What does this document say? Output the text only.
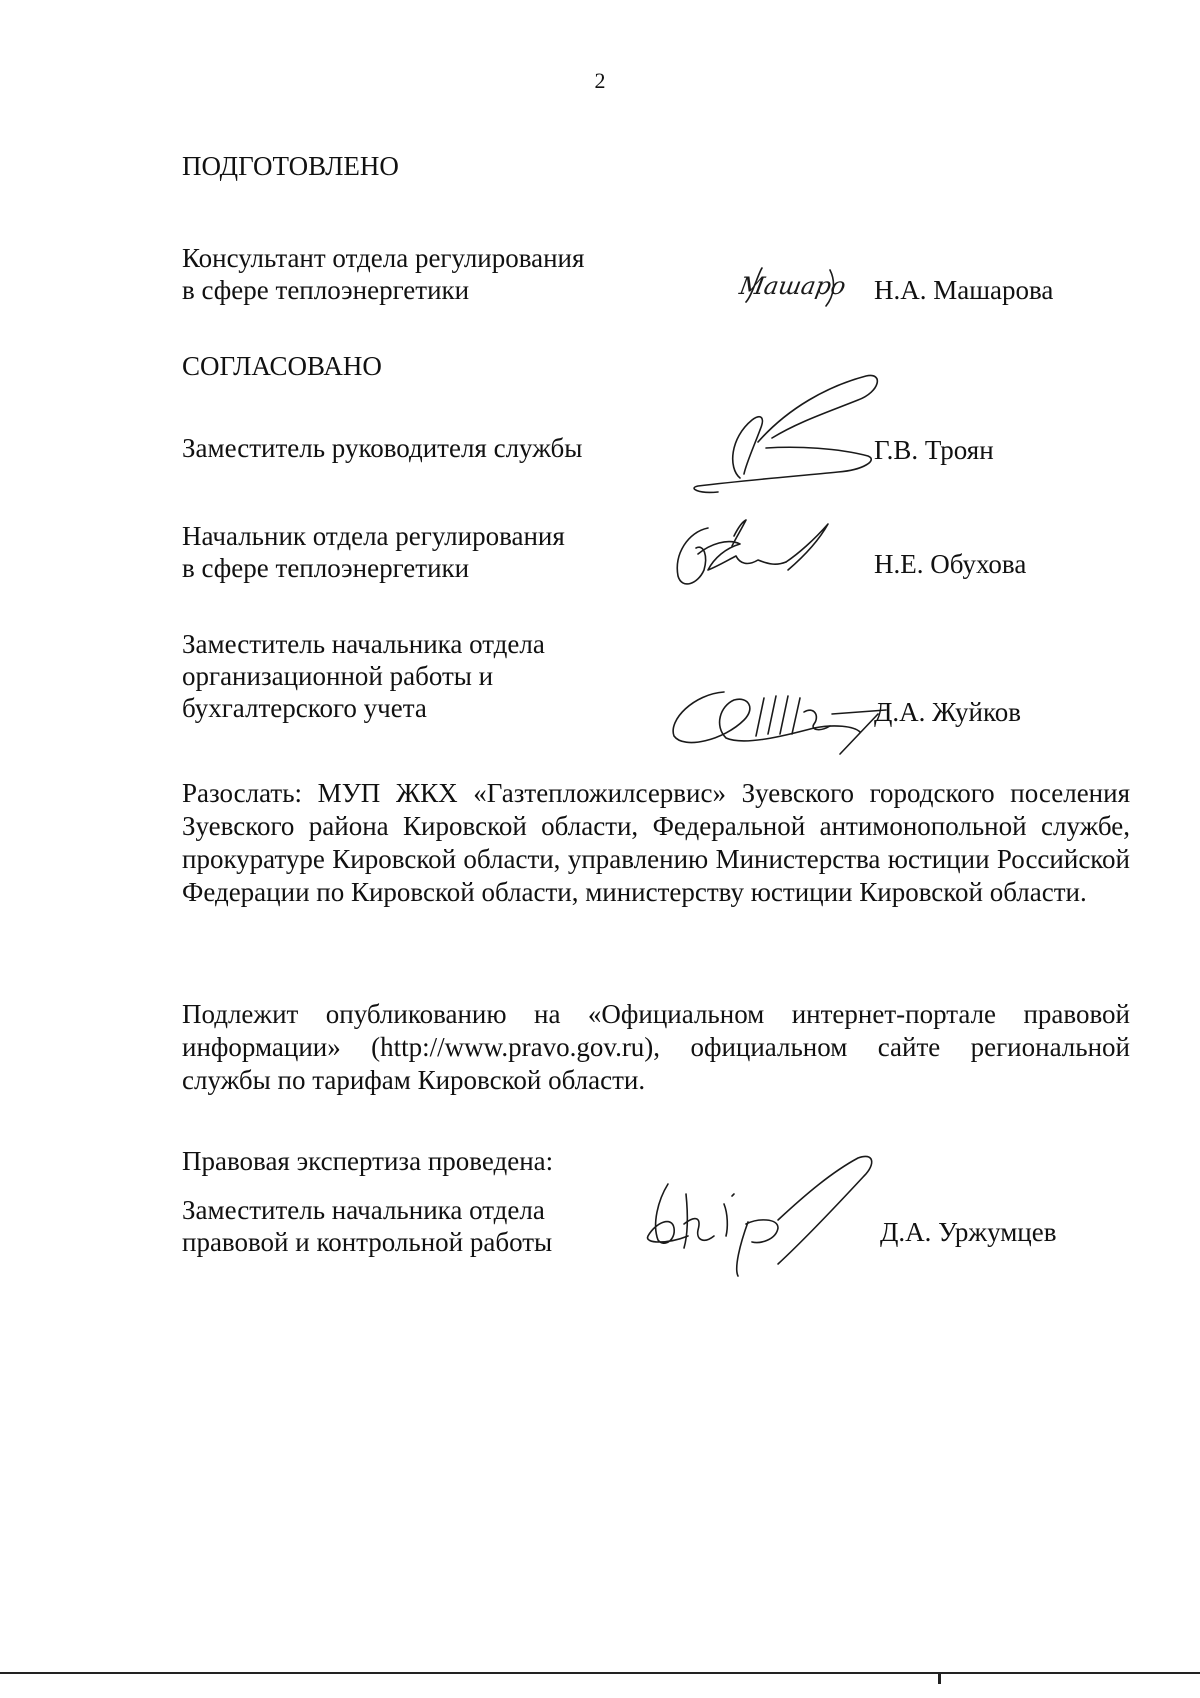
2
ПОДГОТОВЛЕНО
Консультант отдела регулирования
в сфере теплоэнергетики	Машаро Н.А. Машарова
СОГЛАСОВАНО
Заместитель руководителя службы	Г.В. Троян
Начальник отдела регулирования
в сфере теплоэнергетики	Н.Е. Обухова
Заместитель начальника отдела
организационной работы и
бухгалтерского учета	Д.А. Жуйков
Разослать: МУП ЖКХ «Газтепложилсервис» Зуевского городского поселения Зуевского района Кировской области, Федеральной антимонопольной службе, прокуратуре Кировской области, управлению Министерства юстиции Российской Федерации по Кировской области, министерству юстиции Кировской области.
Подлежит опубликованию на «Официальном интернет-портале правовой информации» (http://www.pravo.gov.ru), официальном сайте региональной службы по тарифам Кировской области.
Правовая экспертиза проведена:
Заместитель начальника отдела
правовой и контрольной работы	Д.А. Уржумцев
